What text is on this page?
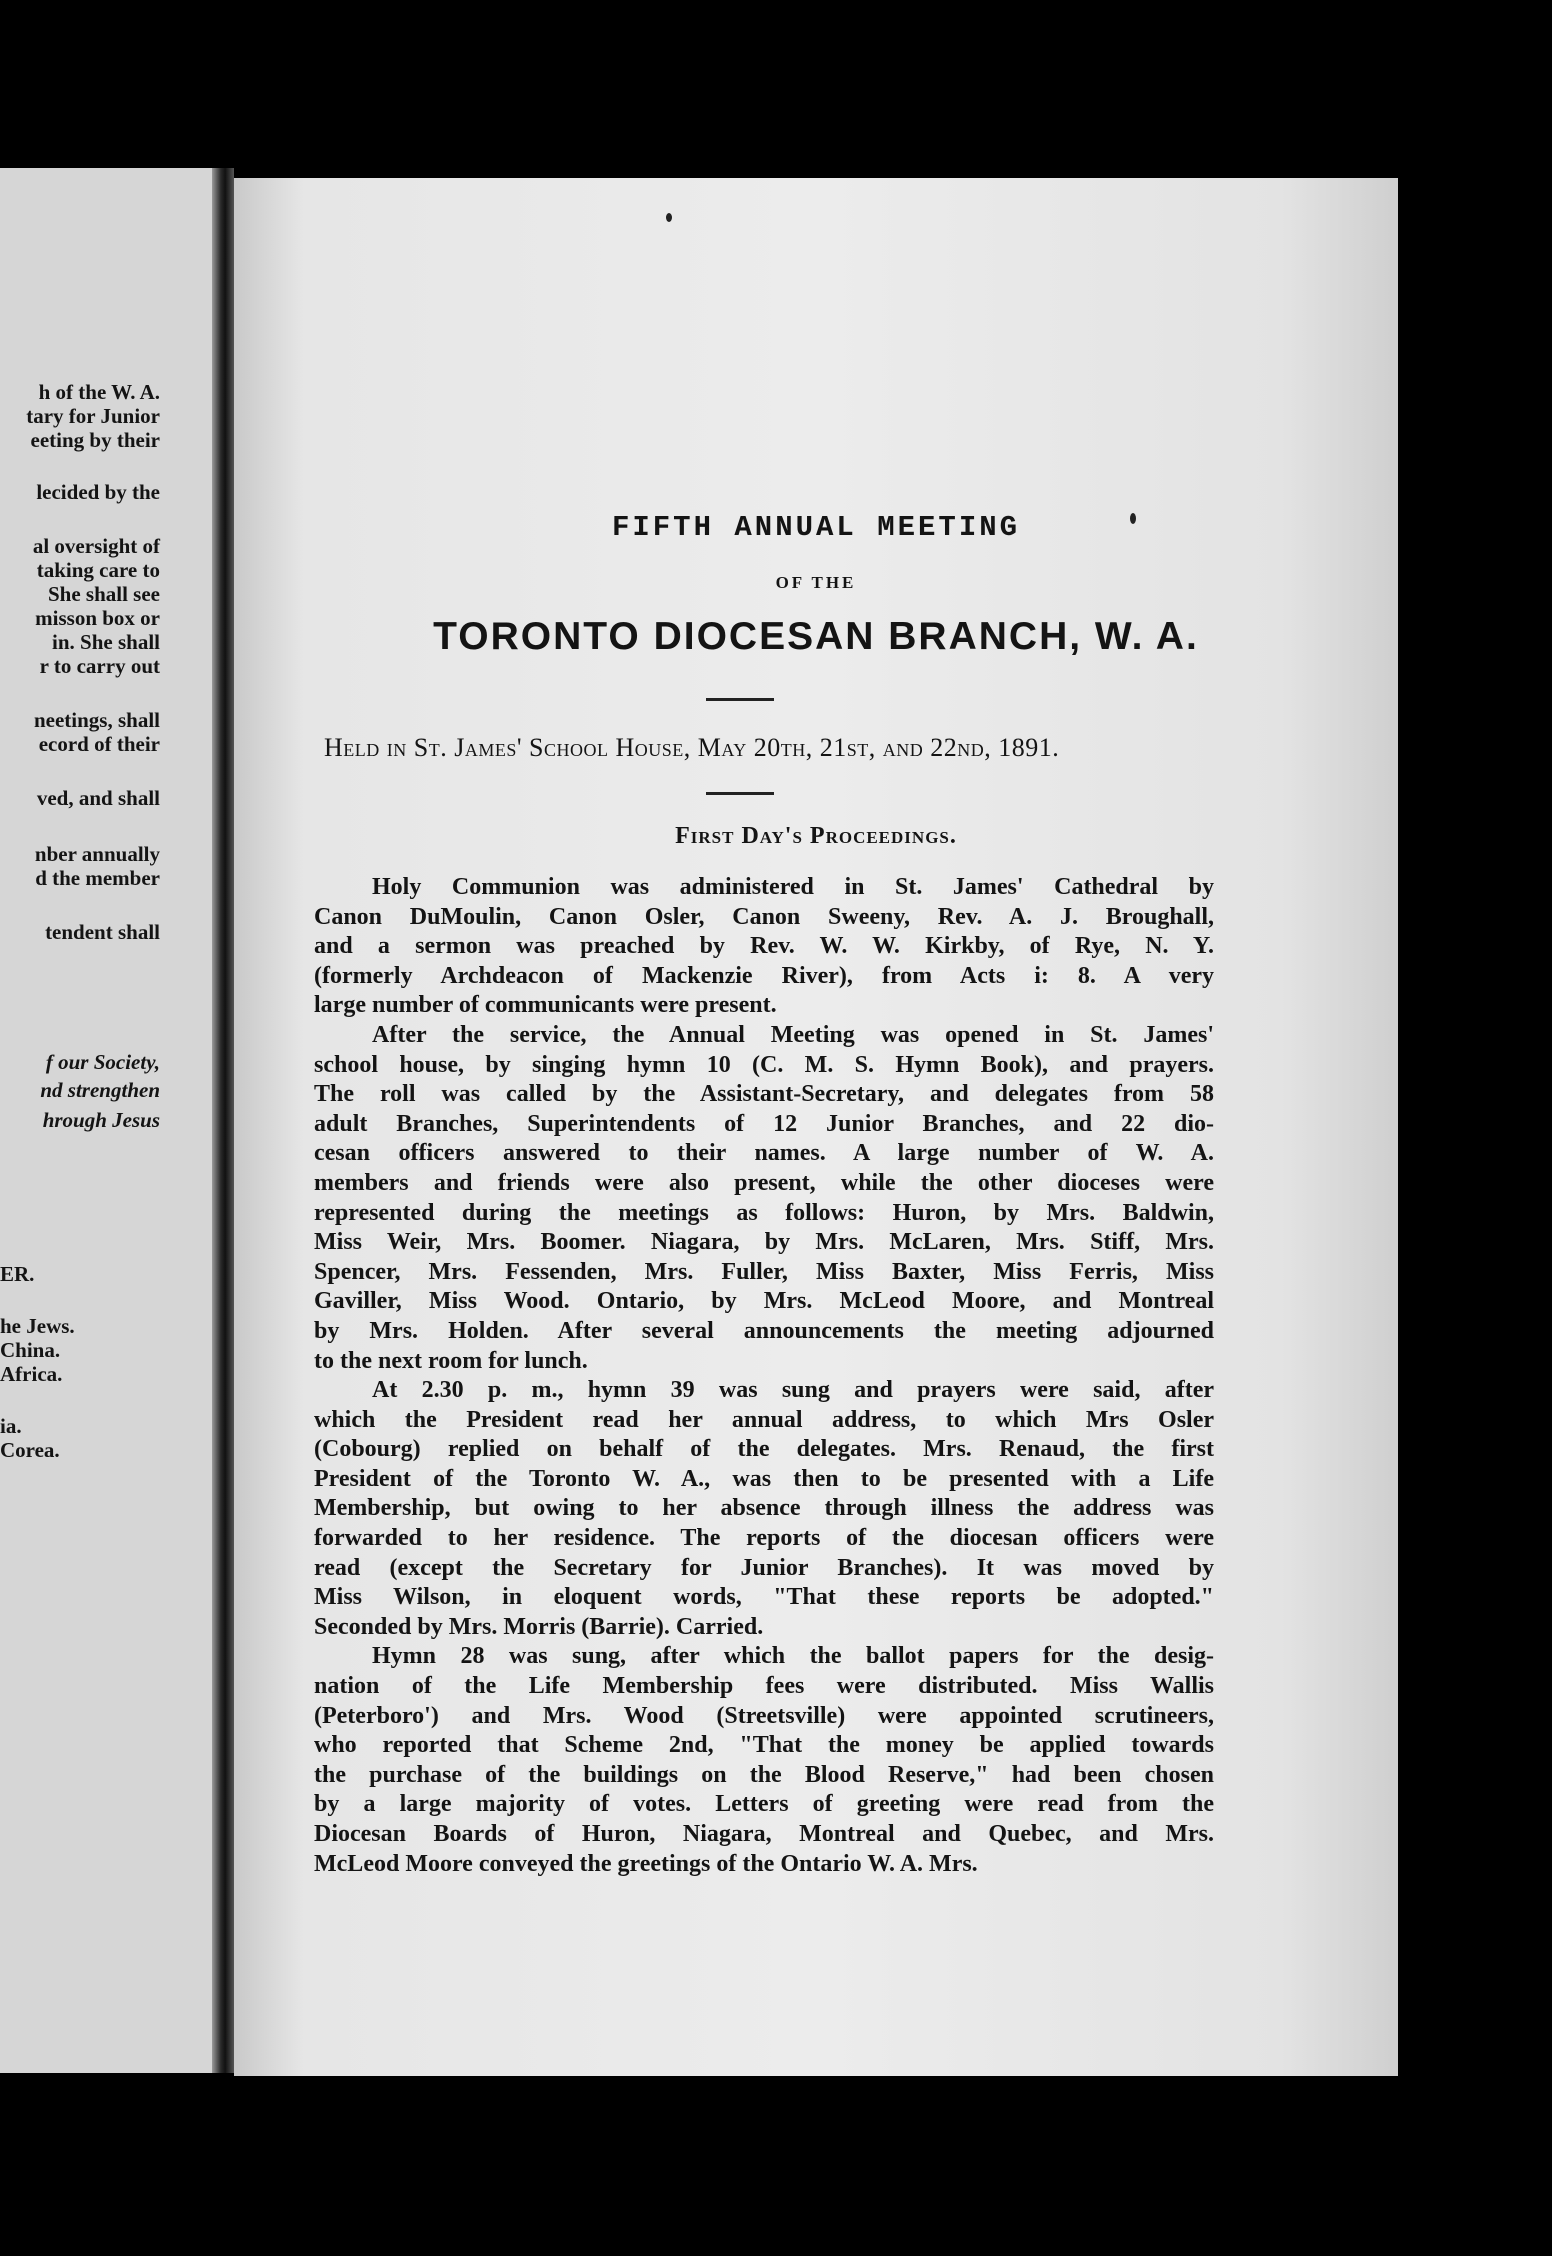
h of the W. A.
tary for Junior
eeting by their
lecided by the
al oversight of
taking care to
She shall see
misson box or
in. She shall
r to carry out
neetings, shall
ecord of their
ved, and shall
nber annually
d the member
tendent shall
f our Society,
nd strengthen
hrough Jesus
ER.
he Jews.
China.
Africa.
ia.
Corea.
FIFTH ANNUAL MEETING
OF THE
TORONTO DIOCESAN BRANCH, W. A.
Held in St. James' School House, May 20th, 21st, and 22nd, 1891.
First Day's Proceedings.
Holy Communion was administered in St. James' Cathedral by
Canon DuMoulin, Canon Osler, Canon Sweeny, Rev. A. J. Broughall,
and a sermon was preached by Rev. W. W. Kirkby, of Rye, N. Y.
(formerly Archdeacon of Mackenzie River), from Acts i: 8. A very
large number of communicants were present.
After the service, the Annual Meeting was opened in St. James'
school house, by singing hymn 10 (C. M. S. Hymn Book), and prayers.
The roll was called by the Assistant-Secretary, and delegates from 58
adult Branches, Superintendents of 12 Junior Branches, and 22 dio-
cesan officers answered to their names. A large number of W. A.
members and friends were also present, while the other dioceses were
represented during the meetings as follows: Huron, by Mrs. Baldwin,
Miss Weir, Mrs. Boomer. Niagara, by Mrs. McLaren, Mrs. Stiff, Mrs.
Spencer, Mrs. Fessenden, Mrs. Fuller, Miss Baxter, Miss Ferris, Miss
Gaviller, Miss Wood. Ontario, by Mrs. McLeod Moore, and Montreal
by Mrs. Holden. After several announcements the meeting adjourned
to the next room for lunch.
At 2.30 p. m., hymn 39 was sung and prayers were said, after
which the President read her annual address, to which Mrs Osler
(Cobourg) replied on behalf of the delegates. Mrs. Renaud, the first
President of the Toronto W. A., was then to be presented with a Life
Membership, but owing to her absence through illness the address was
forwarded to her residence. The reports of the diocesan officers were
read (except the Secretary for Junior Branches). It was moved by
Miss Wilson, in eloquent words, "That these reports be adopted."
Seconded by Mrs. Morris (Barrie). Carried.
Hymn 28 was sung, after which the ballot papers for the desig-
nation of the Life Membership fees were distributed. Miss Wallis
(Peterboro') and Mrs. Wood (Streetsville) were appointed scrutineers,
who reported that Scheme 2nd, "That the money be applied towards
the purchase of the buildings on the Blood Reserve," had been chosen
by a large majority of votes. Letters of greeting were read from the
Diocesan Boards of Huron, Niagara, Montreal and Quebec, and Mrs.
McLeod Moore conveyed the greetings of the Ontario W. A. Mrs.
